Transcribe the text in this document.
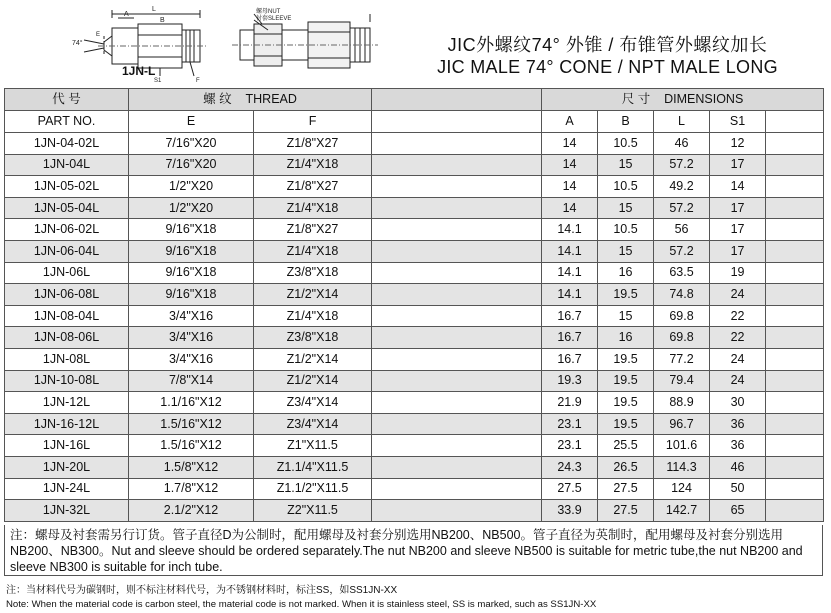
L
A
B
74°
E
S1	F
螺母NUT
衬套SLEEVE
1JN-L
JIC外螺纹74° 外锥 / 布锥管外螺纹加长
JIC MALE 74° CONE / NPT MALE LONG
代 号	螺 纹 THREAD			尺 寸 DIMENSIONS				
PART NO.	E	F		A	B	L	S1	
1JN-04-02L	7/16"X20	Z1/8"X27		14	10.5	46	12	
1JN-04L	7/16"X20	Z1/4"X18		14	15	57.2	17	
1JN-05-02L	1/2"X20	Z1/8"X27		14	10.5	49.2	14	
1JN-05-04L	1/2"X20	Z1/4"X18		14	15	57.2	17	
1JN-06-02L	9/16"X18	Z1/8"X27		14.1	10.5	56	17	
1JN-06-04L	9/16"X18	Z1/4"X18		14.1	15	57.2	17	
1JN-06L	9/16"X18	Z3/8"X18		14.1	16	63.5	19	
1JN-06-08L	9/16"X18	Z1/2"X14		14.1	19.5	74.8	24	
1JN-08-04L	3/4"X16	Z1/4"X18		16.7	15	69.8	22	
1JN-08-06L	3/4"X16	Z3/8"X18		16.7	16	69.8	22	
1JN-08L	3/4"X16	Z1/2"X14		16.7	19.5	77.2	24	
1JN-10-08L	7/8"X14	Z1/2"X14		19.3	19.5	79.4	24	
1JN-12L	1.1/16"X12	Z3/4"X14		21.9	19.5	88.9	30	
1JN-16-12L	1.5/16"X12	Z3/4"X14		23.1	19.5	96.7	36	
1JN-16L	1.5/16"X12	Z1"X11.5		23.1	25.5	101.6	36	
1JN-20L	1.5/8"X12	Z1.1/4"X11.5		24.3	26.5	114.3	46	
1JN-24L	1.7/8"X12	Z1.1/2"X11.5		27.5	27.5	124	50	
1JN-32L	2.1/2"X12	Z2"X11.5		33.9	27.5	142.7	65	
注：螺母及衬套需另行订货。管子直径D为公制时，配用螺母及衬套分别选用NB200、NB500。管子直径为英制时，配用螺母及衬套分别选用NB200、NB300。Nut and sleeve should be ordered separately.The nut NB200 and sleeve NB500 is suitable for metric tube,the nut NB200 and sleeve NB300 is suitable for inch tube.
注：当材料代号为碳钢时，则不标注材料代号，为不锈钢材料时，标注SS，如SS1JN-XX
Note: When the material code is carbon steel, the material code is not marked. When it is stainless steel, SS is marked, such as SS1JN-XX
